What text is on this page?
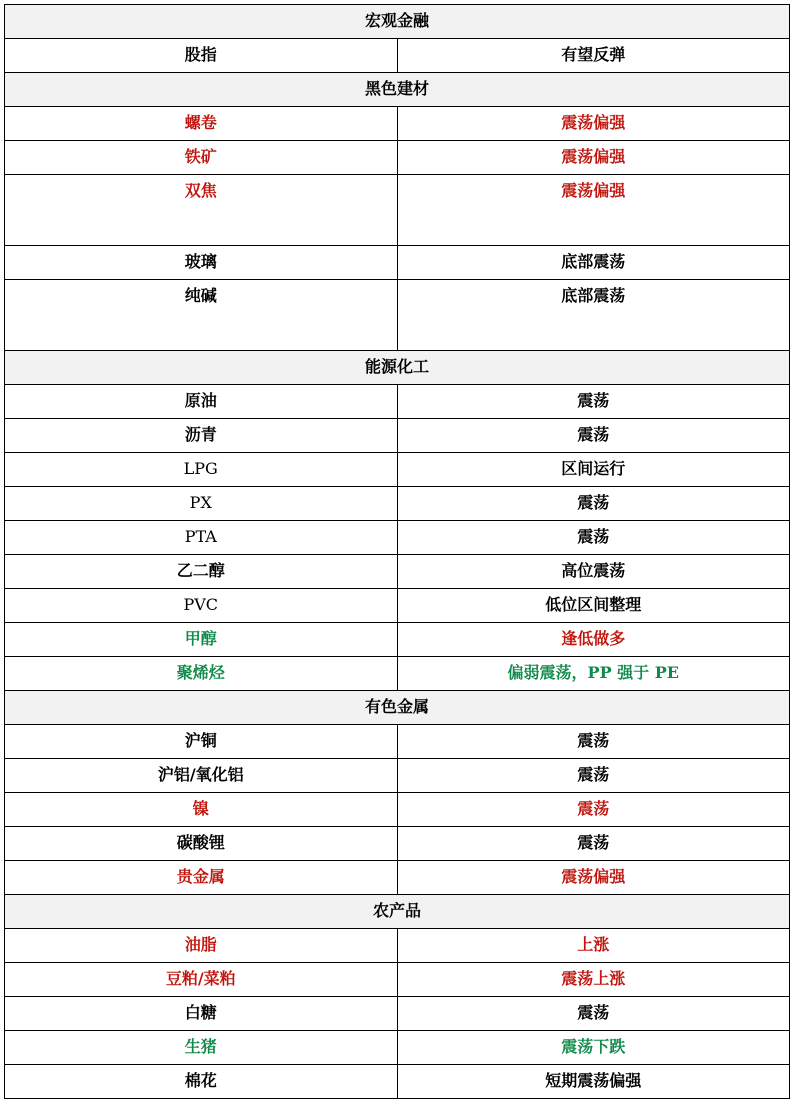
宏观金融	
股指	有望反弹
黑色建材	
螺卷	震荡偏强
铁矿	震荡偏强
双焦	震荡偏强
玻璃	底部震荡
纯碱	底部震荡
能源化工	
原油	震荡
沥青	震荡
LPG	区间运行
PX	震荡
PTA	震荡
乙二醇	高位震荡
PVC	低位区间整理
甲醇	逢低做多
聚烯烃	偏弱震荡，PP 强于 PE
有色金属	
沪铜	震荡
沪铝/氧化铝	震荡
镍	震荡
碳酸锂	震荡
贵金属	震荡偏强
农产品	
油脂	上涨
豆粕/菜粕	震荡上涨
白糖	震荡
生猪	震荡下跌
棉花	短期震荡偏强
